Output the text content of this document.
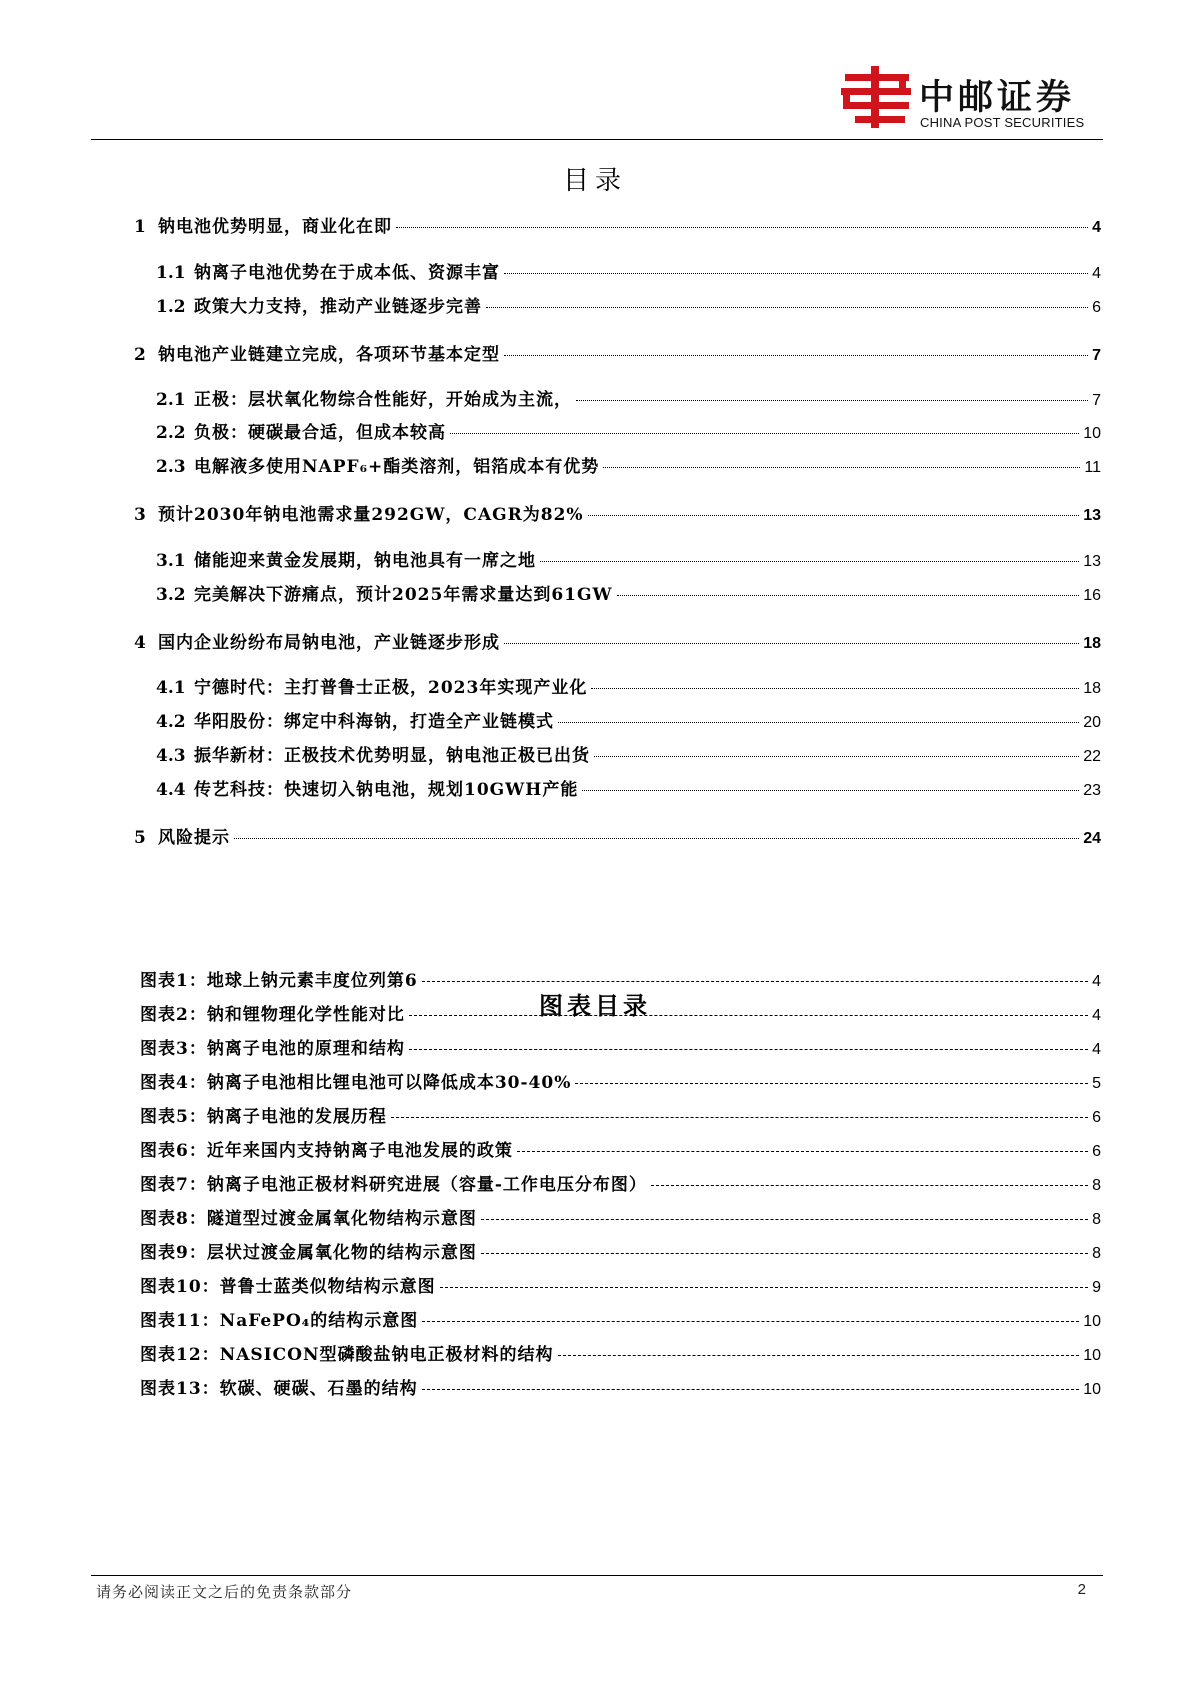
中邮证券
CHINA POST SECURITIES
目录
1 钠电池优势明显，商业化在即	4
1.1 钠离子电池优势在于成本低、资源丰富	4
1.2 政策大力支持，推动产业链逐步完善	6
2 钠电池产业链建立完成，各项环节基本定型	7
2.1 正极：层状氧化物综合性能好，开始成为主流，	7
2.2 负极：硬碳最合适，但成本较高	10
2.3 电解液多使用NAPF₆+酯类溶剂，铝箔成本有优势	11
3 预计2030年钠电池需求量292GW，CAGR为82%	13
3.1 储能迎来黄金发展期，钠电池具有一席之地	13
3.2 完美解决下游痛点，预计2025年需求量达到61GW	16
4 国内企业纷纷布局钠电池，产业链逐步形成	18
4.1 宁德时代：主打普鲁士正极，2023年实现产业化	18
4.2 华阳股份：绑定中科海钠，打造全产业链模式	20
4.3 振华新材：正极技术优势明显，钠电池正极已出货	22
4.4 传艺科技：快速切入钠电池，规划10GWH产能	23
5 风险提示	24
图表目录
图表1：地球上钠元素丰度位列第6	4
图表2：钠和锂物理化学性能对比	4
图表3：钠离子电池的原理和结构	4
图表4：钠离子电池相比锂电池可以降低成本30-40%	5
图表5：钠离子电池的发展历程	6
图表6：近年来国内支持钠离子电池发展的政策	6
图表7：钠离子电池正极材料研究进展（容量-工作电压分布图）	8
图表8：隧道型过渡金属氧化物结构示意图	8
图表9：层状过渡金属氧化物的结构示意图	8
图表10：普鲁士蓝类似物结构示意图	9
图表11：NaFePO₄的结构示意图	10
图表12：NASICON型磷酸盐钠电正极材料的结构	10
图表13：软碳、硬碳、石墨的结构	10
请务必阅读正文之后的免责条款部分	2
